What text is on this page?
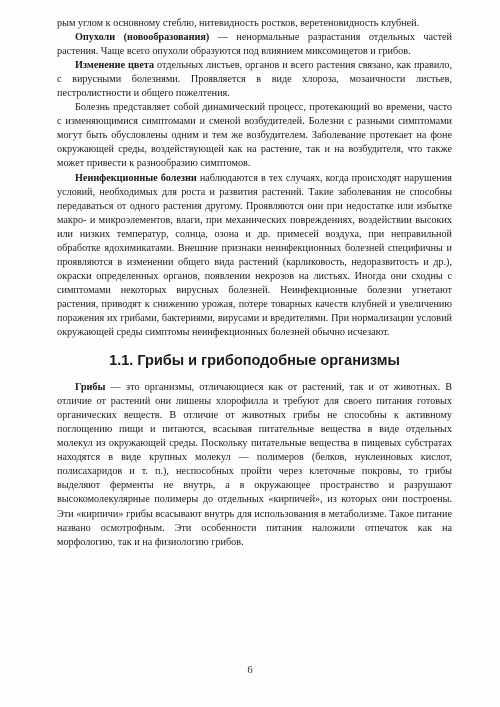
рым углом к основному стеблю, нитевидность ростков, веретеновидность клубней.

Опухоли (новообразования) — ненормальные разрастания отдельных частей растения. Чаще всего опухоли образуются под влиянием миксомицетов и грибов.

Изменение цвета отдельных листьев, органов и всего растения связано, как правило, с вирусными болезнями. Проявляется в виде хлороза, мозаичности листьев, пестролистности и общего пожелтения.

Болезнь представляет собой динамический процесс, протекающий во времени, часто с изменяющимися симптомами и сменой возбудителей. Болезни с разными симптомами могут быть обусловлены одним и тем же возбудителем. Заболевание протекает на фоне окружающей среды, воздействующей как на растение, так и на возбудителя, что также может привести к разнообразию симптомов.

Неинфекционные болезни наблюдаются в тех случаях, когда происходят нарушения условий, необходимых для роста и развития растений. Такие заболевания не способны передаваться от одного растения другому. Проявляются они при недостатке или избытке макро- и микроэлементов, влаги, при механических повреждениях, воздействии высоких или низких температур, солнца, озона и др. примесей воздуха, при неправильной обработке ядохимикатами. Внешние признаки неинфекционных болезней специфичны и проявляются в изменении общего вида растений (карликовость, недоразвитость и др.), окраски определенных органов, появлении некрозов на листьях. Иногда они сходны с симптомами некоторых вирусных болезней. Неинфекционные болезни угнетают растения, приводят к снижению урожая, потере товарных качеств клубней и увеличению поражения их грибами, бактериями, вирусами и вредителями. При нормализации условий окружающей среды симптомы неинфекционных болезней обычно исчезают.

1.1. Грибы и грибоподобные организмы

Грибы — это организмы, отличающиеся как от растений, так и от животных. В отличие от растений они лишены хлорофилла и требуют для своего питания готовых органических веществ. В отличие от животных грибы не способны к активному поглощению пищи и питаются, всасывая питательные вещества в виде отдельных молекул из окружающей среды. Поскольку питательные вещества в пищевых субстратах находятся в виде крупных молекул — полимеров (белков, нуклеиновых кислот, полисахаридов и т. п.), неспособных пройти через клеточные покровы, то грибы выделяют ферменты не внутрь, а в окружающее пространство и разрушают высокомолекулярные полимеры до отдельных «кирпичей», из которых они построены. Эти «кирпичи» грибы всасывают внутрь для использования в метаболизме. Такое питание названо осмотрофным. Эти особенности питания наложили отпечаток как на морфологию, так и на физиологию грибов.

6
